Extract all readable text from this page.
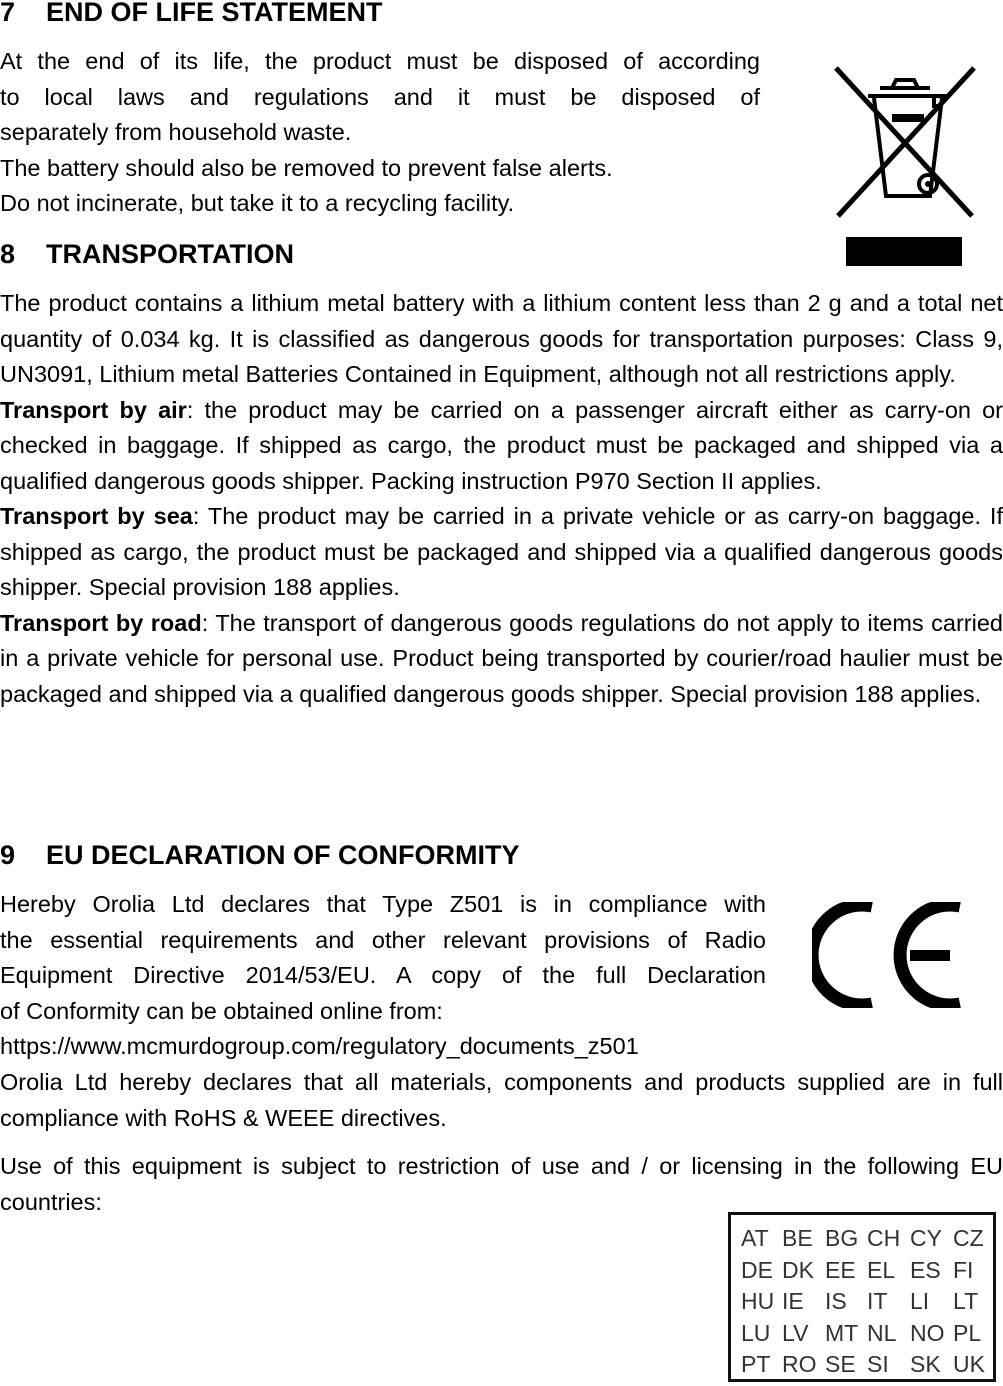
7 END OF LIFE STATEMENT
At the end of its life, the product must be disposed of according
to local laws and regulations and it must be disposed of
separately from household waste.
The battery should also be removed to prevent false alerts.
Do not incinerate, but take it to a recycling facility.
8 TRANSPORTATION

The product contains a lithium metal battery with a lithium content less than 2 g and a total net quantity of 0.034 kg. It is classified as dangerous goods for transportation purposes: Class 9, UN3091, Lithium metal Batteries Contained in Equipment, although not all restrictions apply.

Transport by air: the product may be carried on a passenger aircraft either as carry-on or checked in baggage. If shipped as cargo, the product must be packaged and shipped via a qualified dangerous goods shipper. Packing instruction P970 Section II applies.

Transport by sea: The product may be carried in a private vehicle or as carry-on baggage. If shipped as cargo, the product must be packaged and shipped via a qualified dangerous goods shipper. Special provision 188 applies.

Transport by road: The transport of dangerous goods regulations do not apply to items carried in a private vehicle for personal use. Product being transported by courier/road haulier must be packaged and shipped via a qualified dangerous goods shipper. Special provision 188 applies.

9 EU DECLARATION OF CONFORMITY
Hereby Orolia Ltd declares that Type Z501 is in compliance with
the essential requirements and other relevant provisions of Radio
Equipment Directive 2014/53/EU. A copy of the full Declaration
of Conformity can be obtained online from:
https://www.mcmurdogroup.com/regulatory_documents_z501

Orolia Ltd hereby declares that all materials, components and products supplied are in full compliance with RoHS & WEEE directives.

Use of this equipment is subject to restriction of use and / or licensing in the following EU countries:

AT	BE	BG	CH	CY	CZ
DE	DK	EE	EL	ES	FI
HU	IE	IS	IT	LI	LT
LU	LV	MT	NL	NO	PL
PT	RO	SE	SI	SK	UK
